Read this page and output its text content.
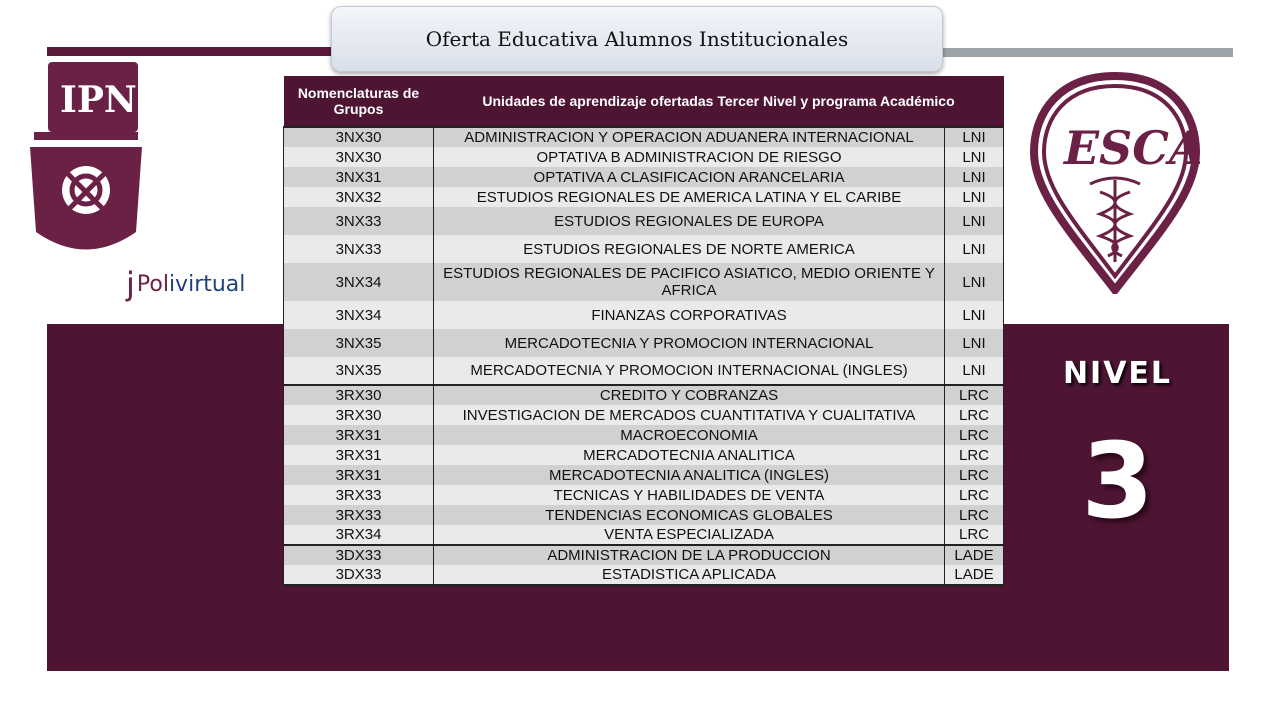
Oferta Educativa Alumnos Institucionales
IPN
j Polivirtual
ESCA
NIVEL
3
Nomenclaturas de Grupos	Unidades de aprendizaje ofertadas Tercer Nivel y programa Académico	
3NX30	ADMINISTRACION Y OPERACION ADUANERA INTERNACIONAL	LNI
3NX30	OPTATIVA B ADMINISTRACION DE RIESGO	LNI
3NX31	OPTATIVA A CLASIFICACION ARANCELARIA	LNI
3NX32	ESTUDIOS REGIONALES DE AMERICA LATINA Y EL CARIBE	LNI
3NX33	ESTUDIOS REGIONALES DE EUROPA	LNI
3NX33	ESTUDIOS REGIONALES DE NORTE AMERICA	LNI
3NX34	ESTUDIOS REGIONALES DE PACIFICO ASIATICO, MEDIO ORIENTE Y AFRICA	LNI
3NX34	FINANZAS CORPORATIVAS	LNI
3NX35	MERCADOTECNIA Y PROMOCION INTERNACIONAL	LNI
3NX35	MERCADOTECNIA Y PROMOCION INTERNACIONAL (INGLES)	LNI
3RX30	CREDITO Y COBRANZAS	LRC
3RX30	INVESTIGACION DE MERCADOS CUANTITATIVA Y CUALITATIVA	LRC
3RX31	MACROECONOMIA	LRC
3RX31	MERCADOTECNIA ANALITICA	LRC
3RX31	MERCADOTECNIA ANALITICA (INGLES)	LRC
3RX33	TECNICAS Y HABILIDADES DE VENTA	LRC
3RX33	TENDENCIAS ECONOMICAS GLOBALES	LRC
3RX34	VENTA ESPECIALIZADA	LRC
3DX33	ADMINISTRACION DE LA PRODUCCION	LADE
3DX33	ESTADISTICA APLICADA	LADE
